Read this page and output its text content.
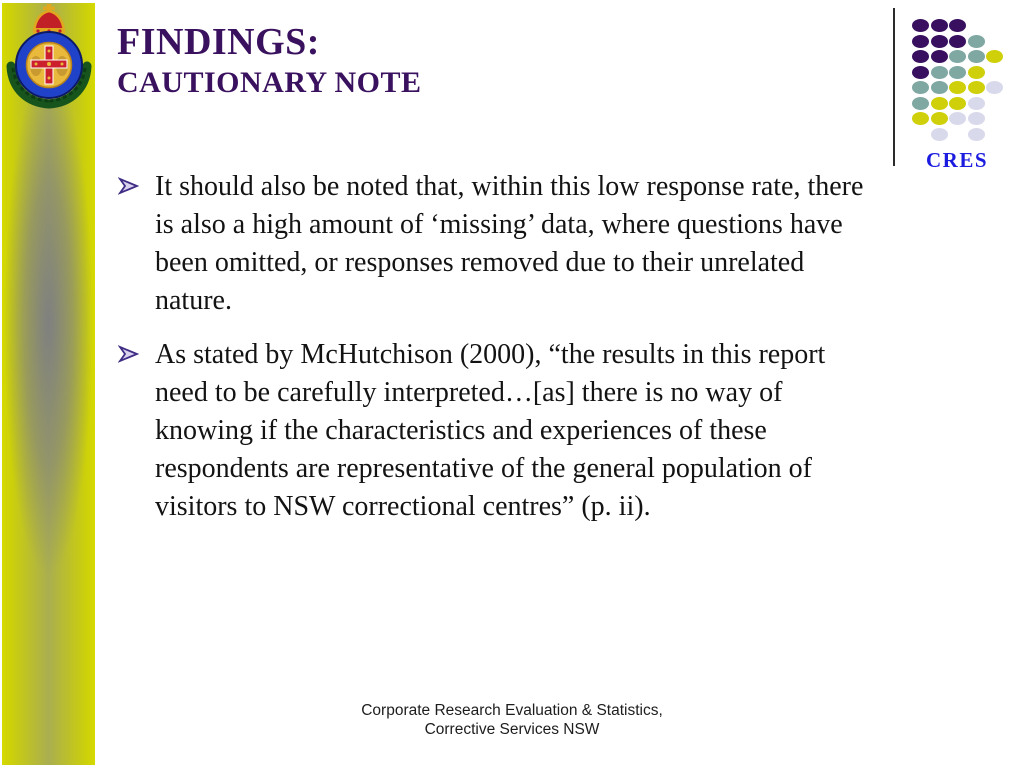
FINDINGS:
CAUTIONARY NOTE
CRES
It should also be noted that, within this low response rate, there is also a high amount of ‘missing’ data, where questions have been omitted, or responses removed due to their unrelated nature.
As stated by McHutchison (2000), “the results in this report need to be carefully interpreted…[as] there is no way of knowing if the characteristics and experiences of these respondents are representative of the general population of visitors to NSW correctional centres” (p. ii).
Corporate Research Evaluation & Statistics,
Corrective Services NSW
